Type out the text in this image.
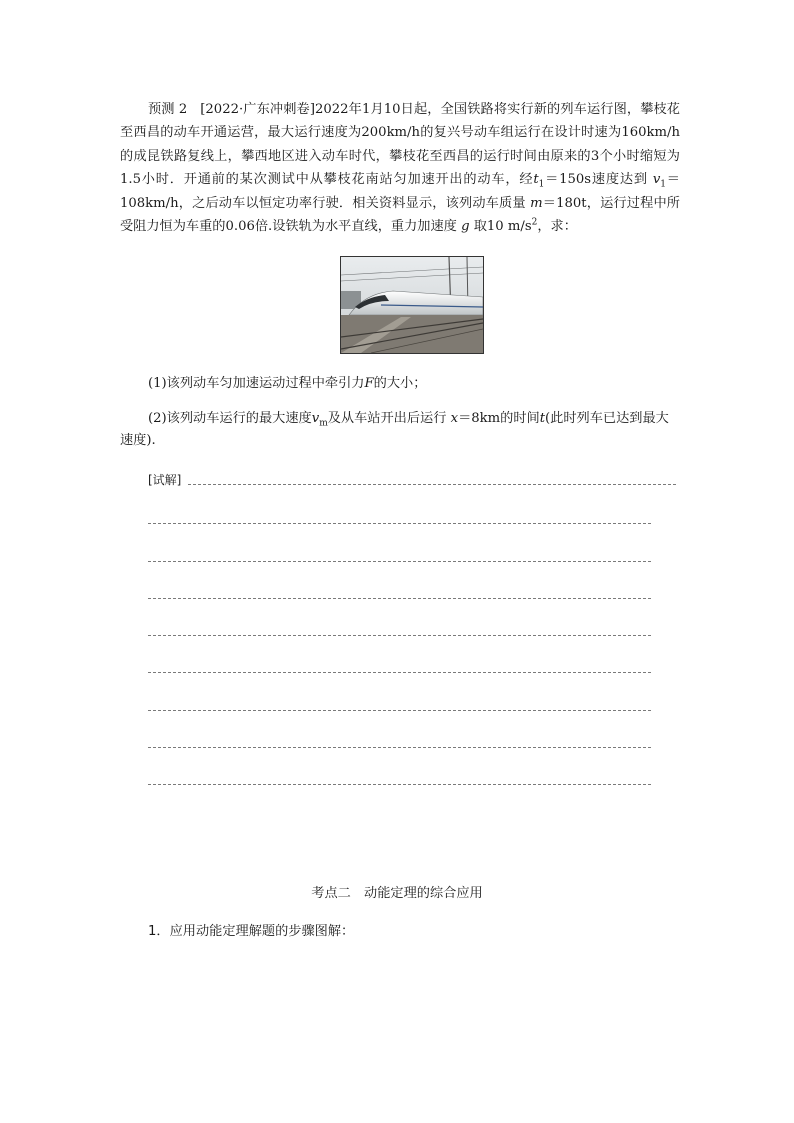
预测 2 [2022·广东冲刺卷]2022年1月10日起，全国铁路将实行新的列车运行图，攀枝花至西昌的动车开通运营，最大运行速度为200km/h的复兴号动车组运行在设计时速为160km/h的成昆铁路复线上，攀西地区进入动车时代，攀枝花至西昌的运行时间由原来的3个小时缩短为1.5小时．开通前的某次测试中从攀枝花南站匀加速开出的动车，经$t_1=150s$速度达到 $v_1=108km/h$，之后动车以恒定功率行驶．相关资料显示，该列动车质量 m＝180t，运行过程中所受阻力恒为车重的0.06倍.设铁轨为水平直线，重力加速度 g 取10 $m/s^2$，求：
(1)该列动车匀加速运动过程中牵引力F的大小；
(2)该列动车运行的最大速度$v_m$及从车站开出后运行 x＝8km的时间t(此时列车已达到最大速度).
[试解]
考点二　动能定理的综合应用
1．应用动能定理解题的步骤图解：
